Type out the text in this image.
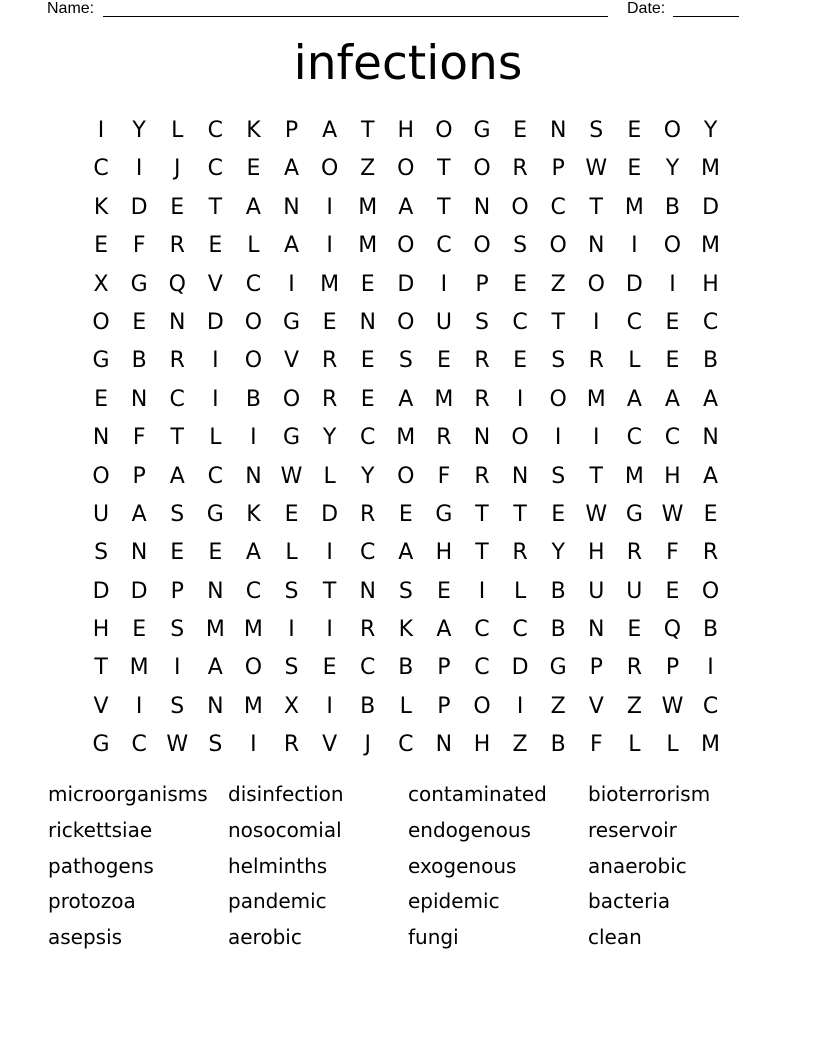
Name:	Date:
infections
I	Y	L	C	K	P	A	T	H O G	E	N	S	E	O	Y
C	I	J	C	E	A O Z O	T	O R	P W E	Y M
K	D	E	T	A	N	I	M A	T	N O C	T M B	D
E	F	R	E	L	A	I	M O C O	S	O N	I	O M
X	G Q V	C	I	M E	D	I	P	E	Z O D	I	H
O	E	N D O G	E	N O U	S	C	T	I	C	E	C
G	B	R	I	O V	R	E	S	E	R	E	S	R	L	E	B
E	N	C	I	B O R	E	A M R	I	O M A	A	A
N	F	T	L	I	G	Y	C M R	N O	I	I	C	C	N
O	P	A	C	N W L	Y	O	F	R	N	S	T M H	A
U	A	S	G	K	E	D R	E	G	T	T	E W G W E
S	N	E	E	A	L	I	C	A	H	T	R	Y	H	R	F	R
D D	P	N	C	S	T	N	S	E	I	L	B	U U	E	O
H	E	S M M	I	I	R	K	A	C	C	B	N	E	Q B
T M	I	A O	S	E	C	B	P	C D G	P	R	P	I
V	I	S	N M X	I	B	L	P	O	I	Z	V	Z W C
G C W S	I	R	V	J	C	N H	Z	B	F	L	L	M
microorganisms	disinfection	contaminated	bioterrorism
rickettsiae	nosocomial	endogenous	reservoir
pathogens	helminths	exogenous	anaerobic
protozoa	pandemic	epidemic	bacteria
asepsis	aerobic	fungi	clean
